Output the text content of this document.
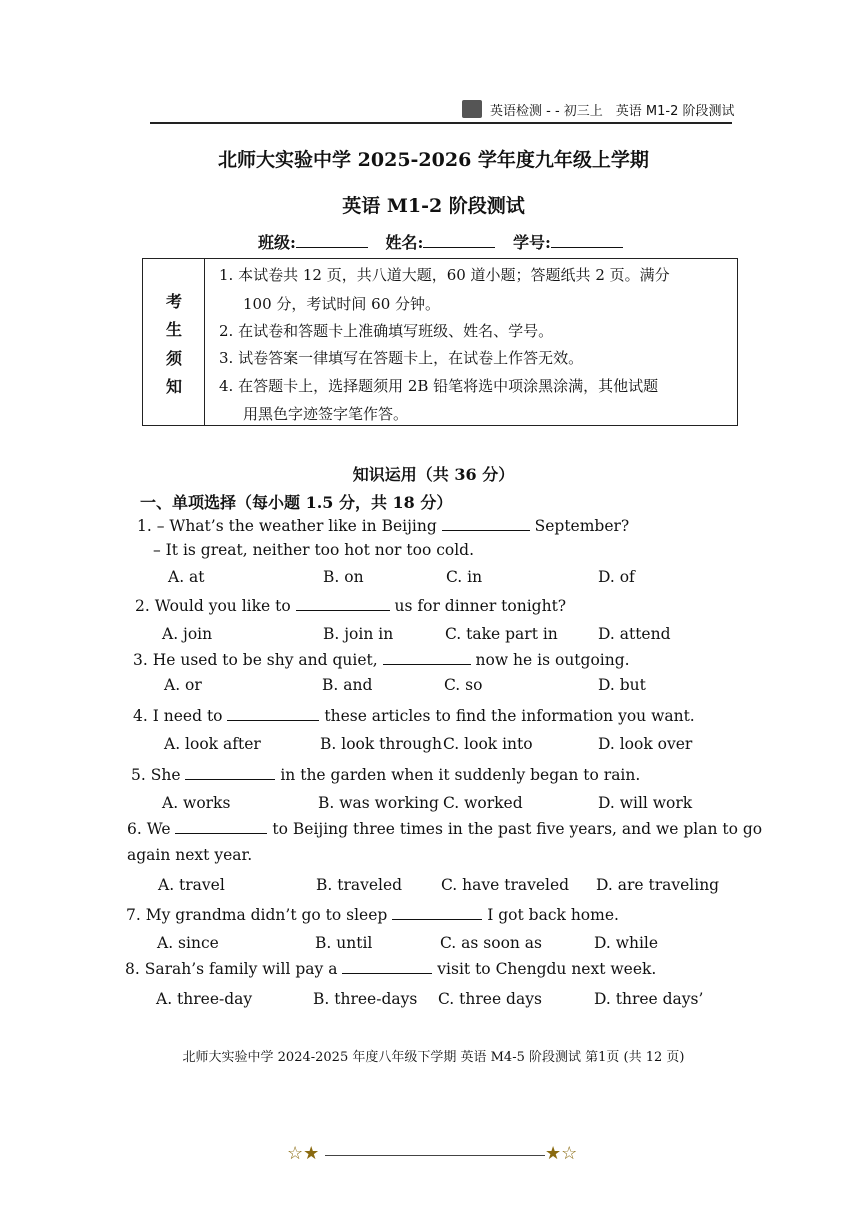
英语检测 - - 初三上　英语 M1-2 阶段测试
北师大实验中学 2025-2026 学年度九年级上学期
英语 M1-2 阶段测试
班级:	姓名:	学号:
考
生
须
知
1. 本试卷共 12 页，共八道大题，60 道小题；答题纸共 2 页。满分
100 分，考试时间 60 分钟。
2. 在试卷和答题卡上准确填写班级、姓名、学号。
3. 试卷答案一律填写在答题卡上，在试卷上作答无效。
4. 在答题卡上，选择题须用 2B 铅笔将选中项涂黑涂满，其他试题
用黑色字迹签字笔作答。
知识运用（共 36 分）
一、单项选择（每小题 1.5 分，共 18 分）
1. – What’s the weather like in Beijing	September?
– It is great, neither too hot nor too cold.
A. at	B. on	C. in	D. of
2. Would you like to	us for dinner tonight?
A. join	B. join in	C. take part in	D. attend
3. He used to be shy and quiet,	now he is outgoing.
A. or	B. and	C. so	D. but
4. I need to	these articles to find the information you want.
A. look after	B. look through C. look into	D. look over
5. She	in the garden when it suddenly began to rain.
A. works	B. was working C. worked	D. will work
6. We	to Beijing three times in the past five years, and we plan to go
again next year.
A. travel	B. traveled	C. have traveled D. are traveling
7. My grandma didn’t go to sleep	I got back home.
A. since	B. until	C. as soon as	D. while
8. Sarah’s family will pay a	visit to Chengdu next week.
A. three-day	B. three-days C. three days	D. three days’
北师大实验中学 2024-2025 年度八年级下学期 英语 M4-5 阶段测试 第1页 (共 12 页)
☆★	★☆
